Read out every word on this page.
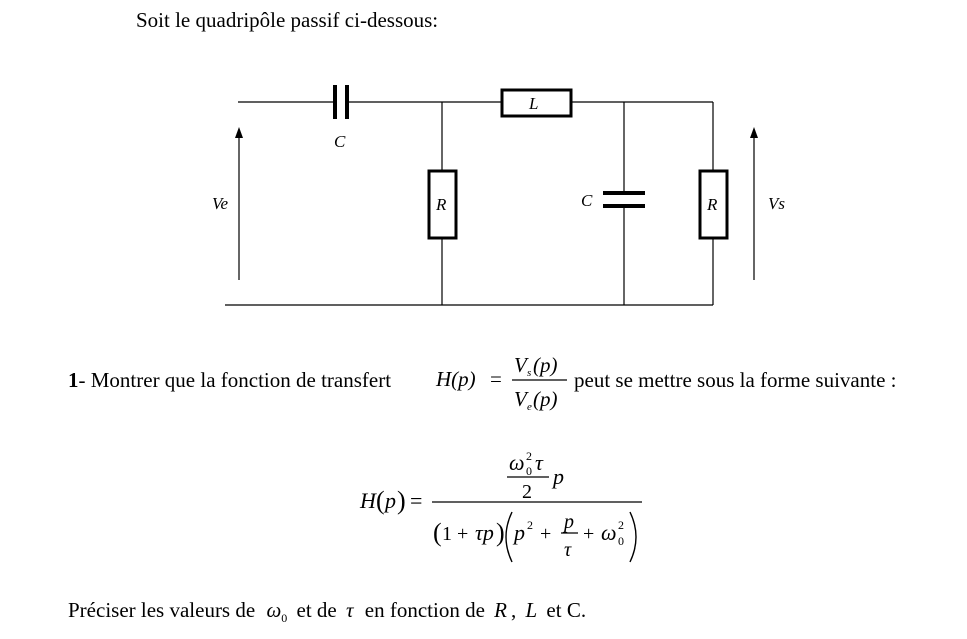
Soit le quadripôle passif ci-dessous:
C
L
R	C	R
Ve	Vs
1- Montrer que la fonction de transfert H(p) =
V s (p)
V e (p)
peut se mettre sous la forme suivante :
H ( p ) =
ω 2
0 τ
2
p
( 1 + τp ) p 2 +
p
τ
+ ω 2
0
Préciser les valeurs de $\omega_0$ et de τ en fonction de R , L et C.
